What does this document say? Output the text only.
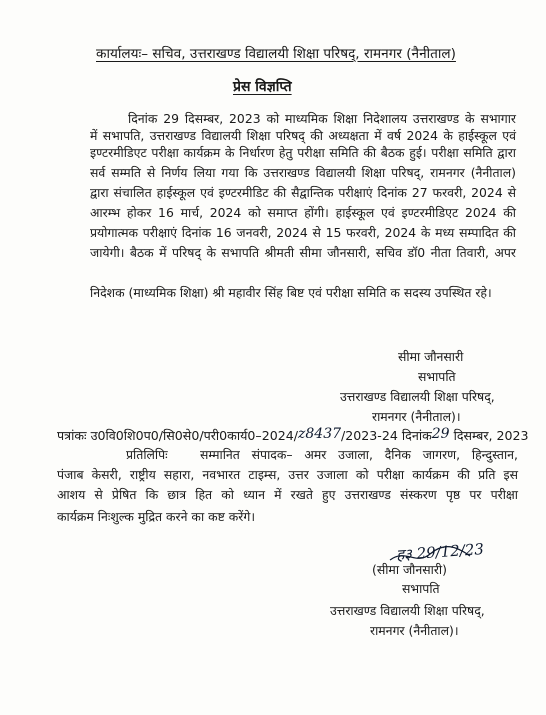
कार्यालयः– सचिव, उत्तराखण्ड विद्यालयी शिक्षा परिषद्, रामनगर (नैनीताल)
प्रेस विज्ञप्ति
दिनांक 29 दिसम्बर, 2023 को माध्यमिक शिक्षा निदेशालय उत्तराखण्ड के सभागार
में सभापति, उत्तराखण्ड विद्यालयी शिक्षा परिषद् की अध्यक्षता में वर्ष 2024 के हाईस्कूल एवं
इण्टरमीडिएट परीक्षा कार्यक्रम के निर्धारण हेतु परीक्षा समिति की बैठक हुई। परीक्षा समिति द्वारा
सर्व सम्मति से निर्णय लिया गया कि उत्तराखण्ड विद्यालयी शिक्षा परिषद्, रामनगर (नैनीताल)
द्वारा संचालित हाईस्कूल एवं इण्टरमीडिट की सैद्वान्तिक परीक्षाएं दिनांक 27 फरवरी, 2024 से
आरम्भ होकर 16 मार्च, 2024 को समाप्त होंगी। हाईस्कूल एवं इण्टरमीडिएट 2024 की
प्रयोगात्मक परीक्षाएं दिनांक 16 जनवरी, 2024 से 15 फरवरी, 2024 के मध्य सम्पादित की
जायेगी। बैठक में परिषद् के सभापति श्रीमती सीमा जौनसारी, सचिव डॉ0 नीता तिवारी, अपर
निदेशक (माध्यमिक शिक्षा) श्री महावीर सिंह बिष्ट एवं परीक्षा समिति क सदस्य उपस्थित रहे।
सीमा जौनसारी
सभापति
उत्तराखण्ड विद्यालयी शिक्षा परिषद्,
रामनगर (नैनीताल)।
पत्रांकः उ0वि0शि0प0/सि0से0/परी0कार्य0–2024/z8437/2023-24 दिनांक29 दिसम्बर, 2023
प्रतिलिपिः	सम्मानित संपादक– अमर उजाला, दैनिक जागरण, हिन्दुस्तान,
पंजाब केसरी, राष्ट्रीय सहारा, नवभारत टाइम्स, उत्तर उजाला को परीक्षा कार्यक्रम की प्रति इस
आशय से प्रेषित कि छात्र हित को ध्यान में रखते हुए उत्तराखण्ड संस्करण पृष्ठ पर परीक्षा
कार्यक्रम निःशुल्क मुद्रित करने का कष्ट करेंगे।
ह३ 29/12/23
(सीमा जौनसारी)
सभापति
उत्तराखण्ड विद्यालयी शिक्षा परिषद्,
रामनगर (नैनीताल)।
